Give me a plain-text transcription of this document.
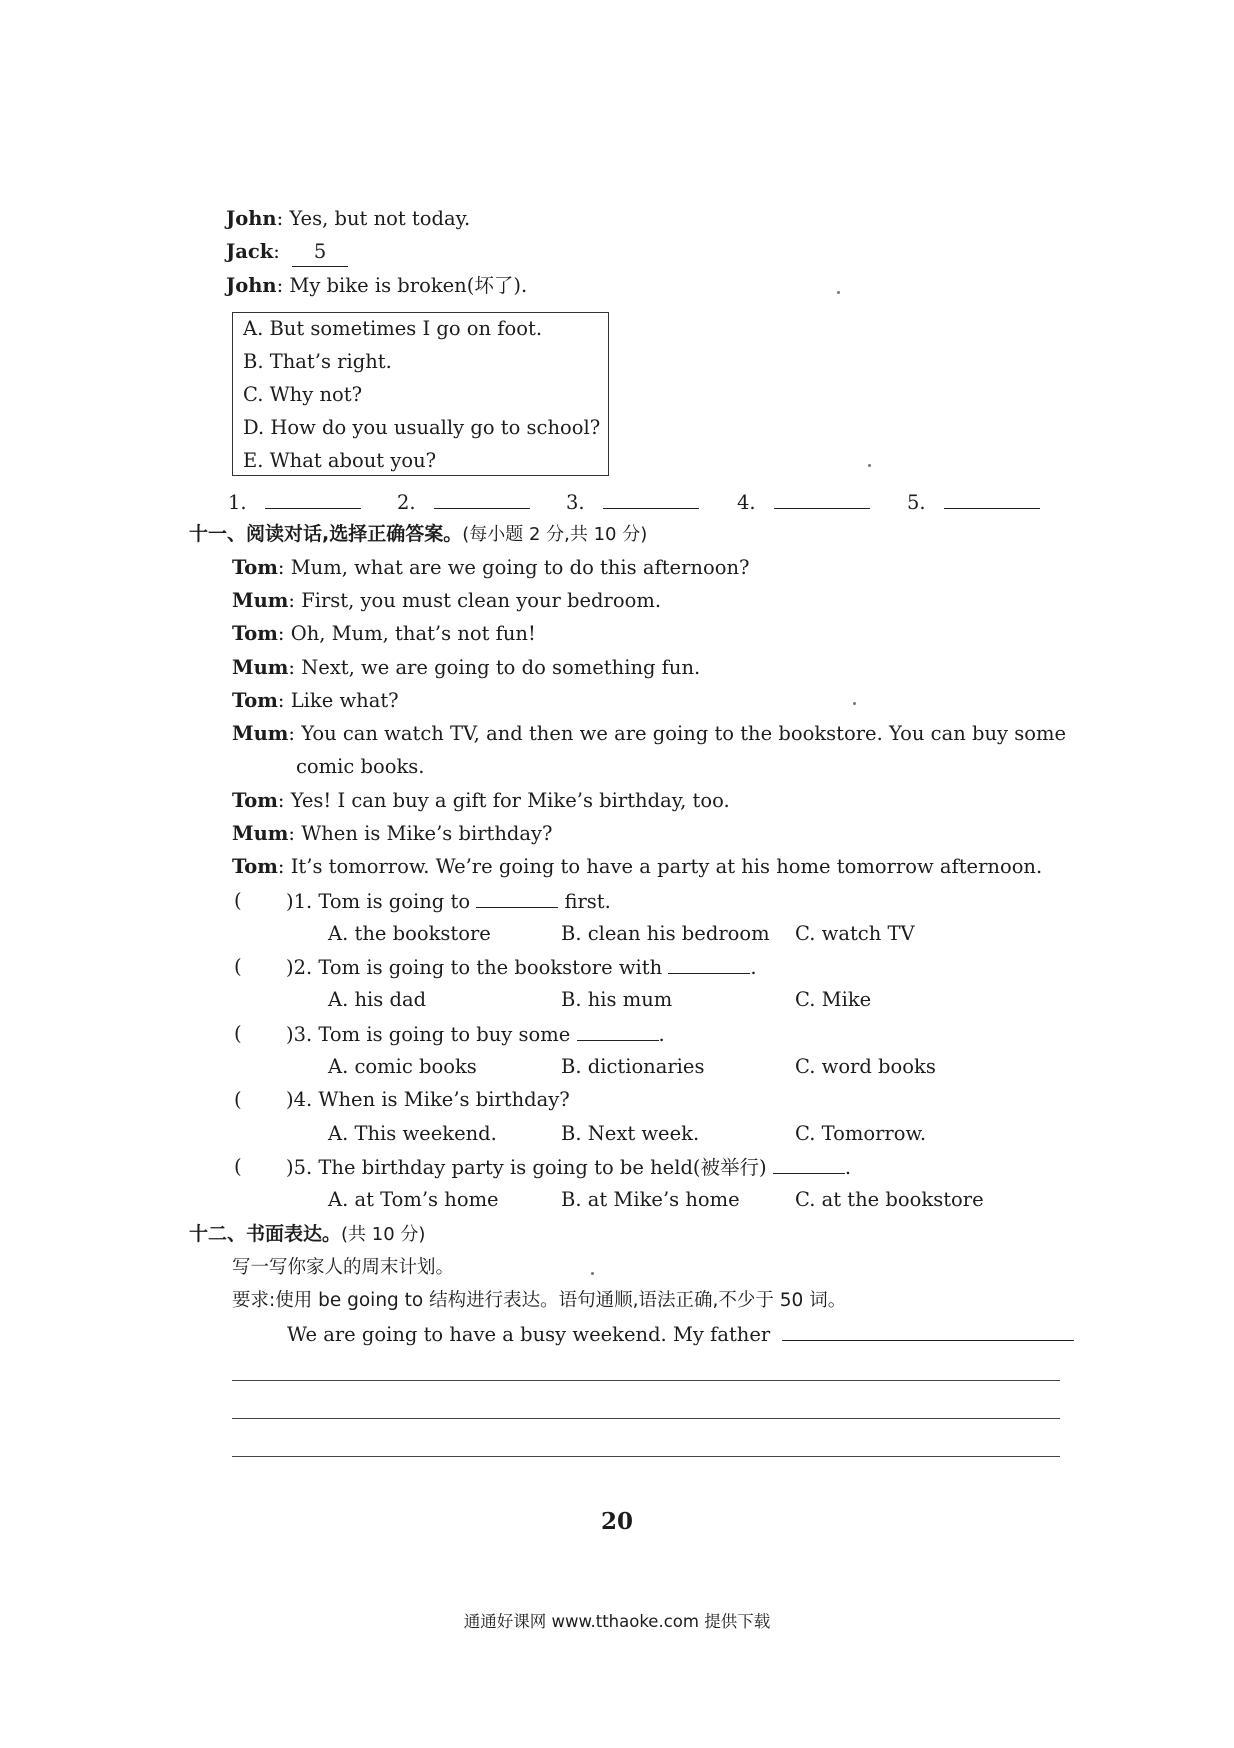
John: Yes, but not today.
Jack: 5
John: My bike is broken(坏了).
A. But sometimes I go on foot.
B. That’s right.
C. Why not?
D. How do you usually go to school?
E. What about you?
1.	2.	3.	4.	5.
十一、阅读对话,选择正确答案。(每小题 2 分,共 10 分)
Tom: Mum, what are we going to do this afternoon?
Mum: First, you must clean your bedroom.
Tom: Oh, Mum, that’s not fun!
Mum: Next, we are going to do something fun.
Tom: Like what?
Mum: You can watch TV, and then we are going to the bookstore. You can buy some
comic books.
Tom: Yes! I can buy a gift for Mike’s birthday, too.
Mum: When is Mike’s birthday?
Tom: It’s tomorrow. We’re going to have a party at his home tomorrow afternoon.
( )1. Tom is going to	first.
A. the bookstore	B. clean his bedroom C. watch TV
( )2. Tom is going to the bookstore with	.
A. his dad	B. his mum	C. Mike
( )3. Tom is going to buy some	.
A. comic books	B. dictionaries	C. word books
( )4. When is Mike’s birthday?
A. This weekend.	B. Next week.	C. Tomorrow.
( )5. The birthday party is going to be held(被举行)	.
A. at Tom’s home	B. at Mike’s home	C. at the bookstore
十二、书面表达。(共 10 分)
写一写你家人的周末计划。
要求:使用 be going to 结构进行表达。语句通顺,语法正确,不少于 50 词。
We are going to have a busy weekend. My father
20
通通好课网 www.tthaoke.com 提供下载
